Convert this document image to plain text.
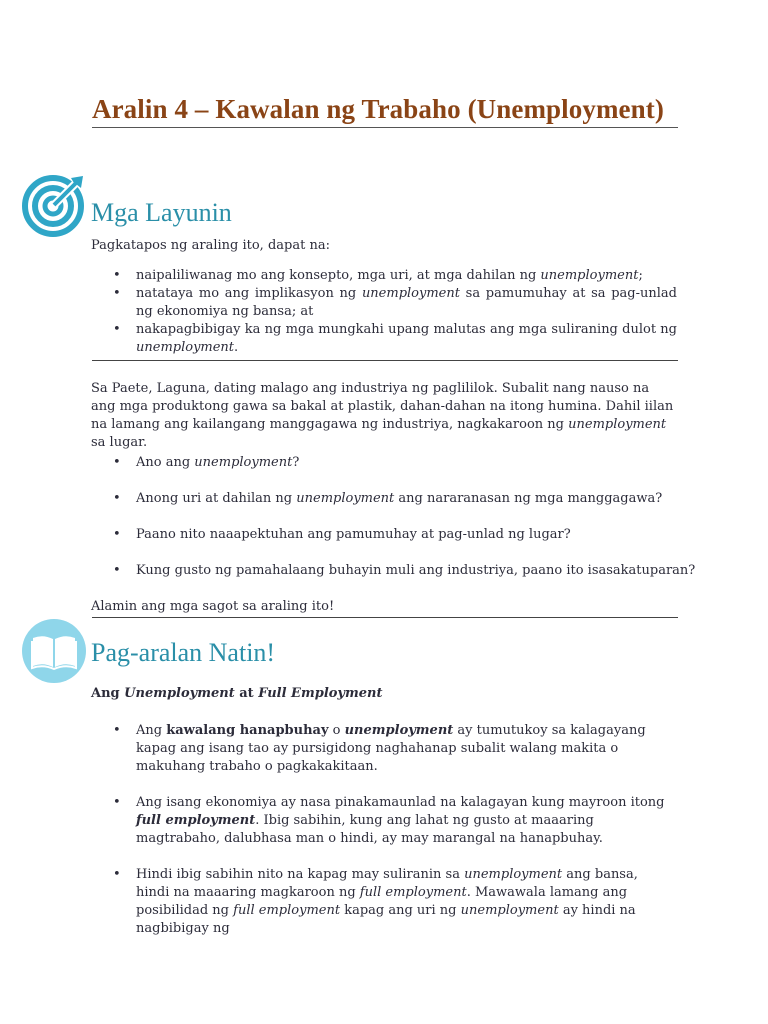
Aralin 4 – Kawalan ng Trabaho (Unemployment)
Mga Layunin

Pagkatapos ng araling ito, dapat na:

• naipaliliwanag mo ang konsepto, mga uri, at mga dahilan ng unemployment;
• natataya mo ang implikasyon ng unemployment sa pamumuhay at sa pag-unlad ng ekonomiya ng bansa; at
• nakapagbibigay ka ng mga mungkahi upang malutas ang mga suliraning dulot ng unemployment.

Sa Paete, Laguna, dating malago ang industriya ng paglililok. Subalit nang nauso na ang mga produktong gawa sa bakal at plastik, dahan-dahan na itong humina. Dahil iilan na lamang ang kailangang manggagawa ng industriya, nagkakaroon ng unemployment sa lugar.

• Ano ang unemployment?
• Anong uri at dahilan ng unemployment ang nararanasan ng mga manggagawa?
• Paano nito naaapektuhan ang pamumuhay at pag-unlad ng lugar?
• Kung gusto ng pamahalaang buhayin muli ang industriya, paano ito isasakatuparan?

Alamin ang mga sagot sa araling ito!

Pag-aralan Natin!

Ang Unemployment at Full Employment

• Ang kawalang hanapbuhay o unemployment ay tumutukoy sa kalagayang kapag ang isang tao ay pursigidong naghahanap subalit walang makita o makuhang trabaho o pagkakakitaan.
• Ang isang ekonomiya ay nasa pinakamaunlad na kalagayan kung mayroon itong full employment. Ibig sabihin, kung ang lahat ng gusto at maaaring magtrabaho, dalubhasa man o hindi, ay may marangal na hanapbuhay.
• Hindi ibig sabihin nito na kapag may suliranin sa unemployment ang bansa, hindi na maaaring magkaroon ng full employment. Mawawala lamang ang posibilidad ng full employment kapag ang uri ng unemployment ay hindi na nagbibigay ng
